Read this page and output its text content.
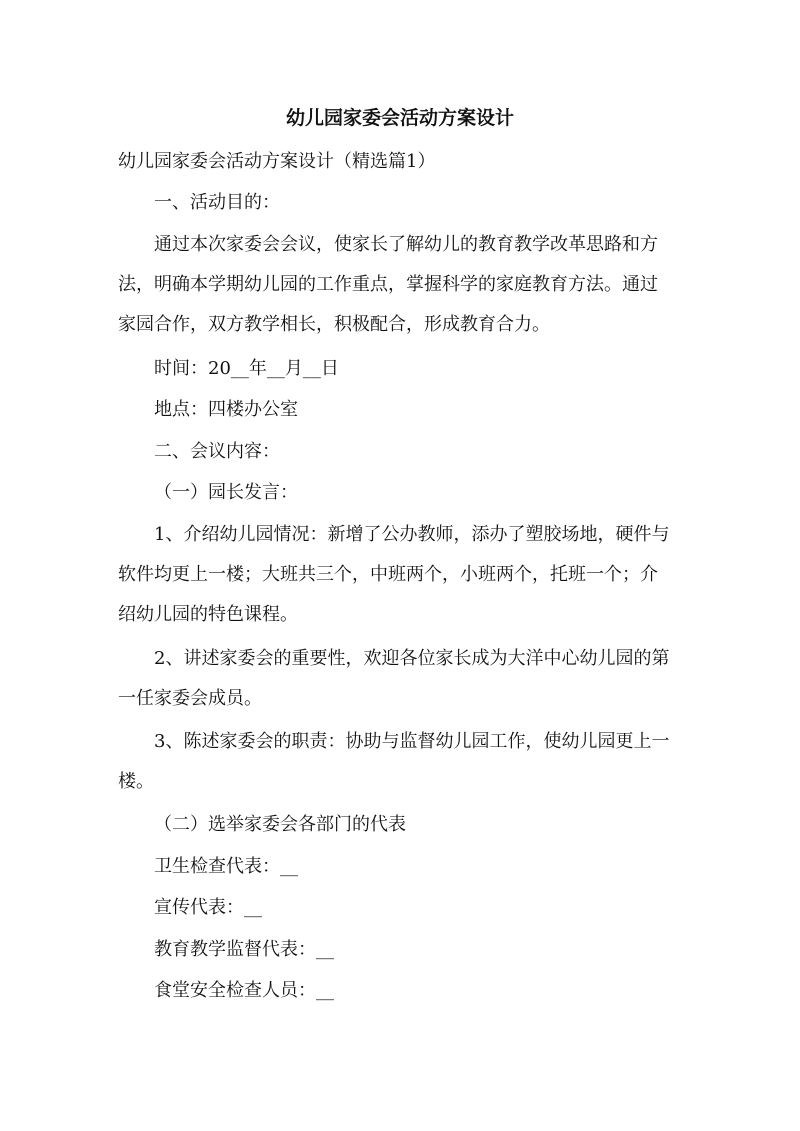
幼儿园家委会活动方案设计
幼儿园家委会活动方案设计（精选篇1）
一、活动目的：
通过本次家委会会议，使家长了解幼儿的教育教学改革思路和方
法，明确本学期幼儿园的工作重点，掌握科学的家庭教育方法。通过
家园合作，双方教学相长，积极配合，形成教育合力。
时间：20__年__月__日
地点：四楼办公室
二、会议内容：
（一）园长发言：
1、介绍幼儿园情况：新增了公办教师，添办了塑胶场地，硬件与
软件均更上一楼；大班共三个，中班两个，小班两个，托班一个；介
绍幼儿园的特色课程。
2、讲述家委会的重要性，欢迎各位家长成为大洋中心幼儿园的第
一任家委会成员。
3、陈述家委会的职责：协助与监督幼儿园工作，使幼儿园更上一
楼。
（二）选举家委会各部门的代表
卫生检查代表：__
宣传代表：__
教育教学监督代表：__
食堂安全检查人员：__
